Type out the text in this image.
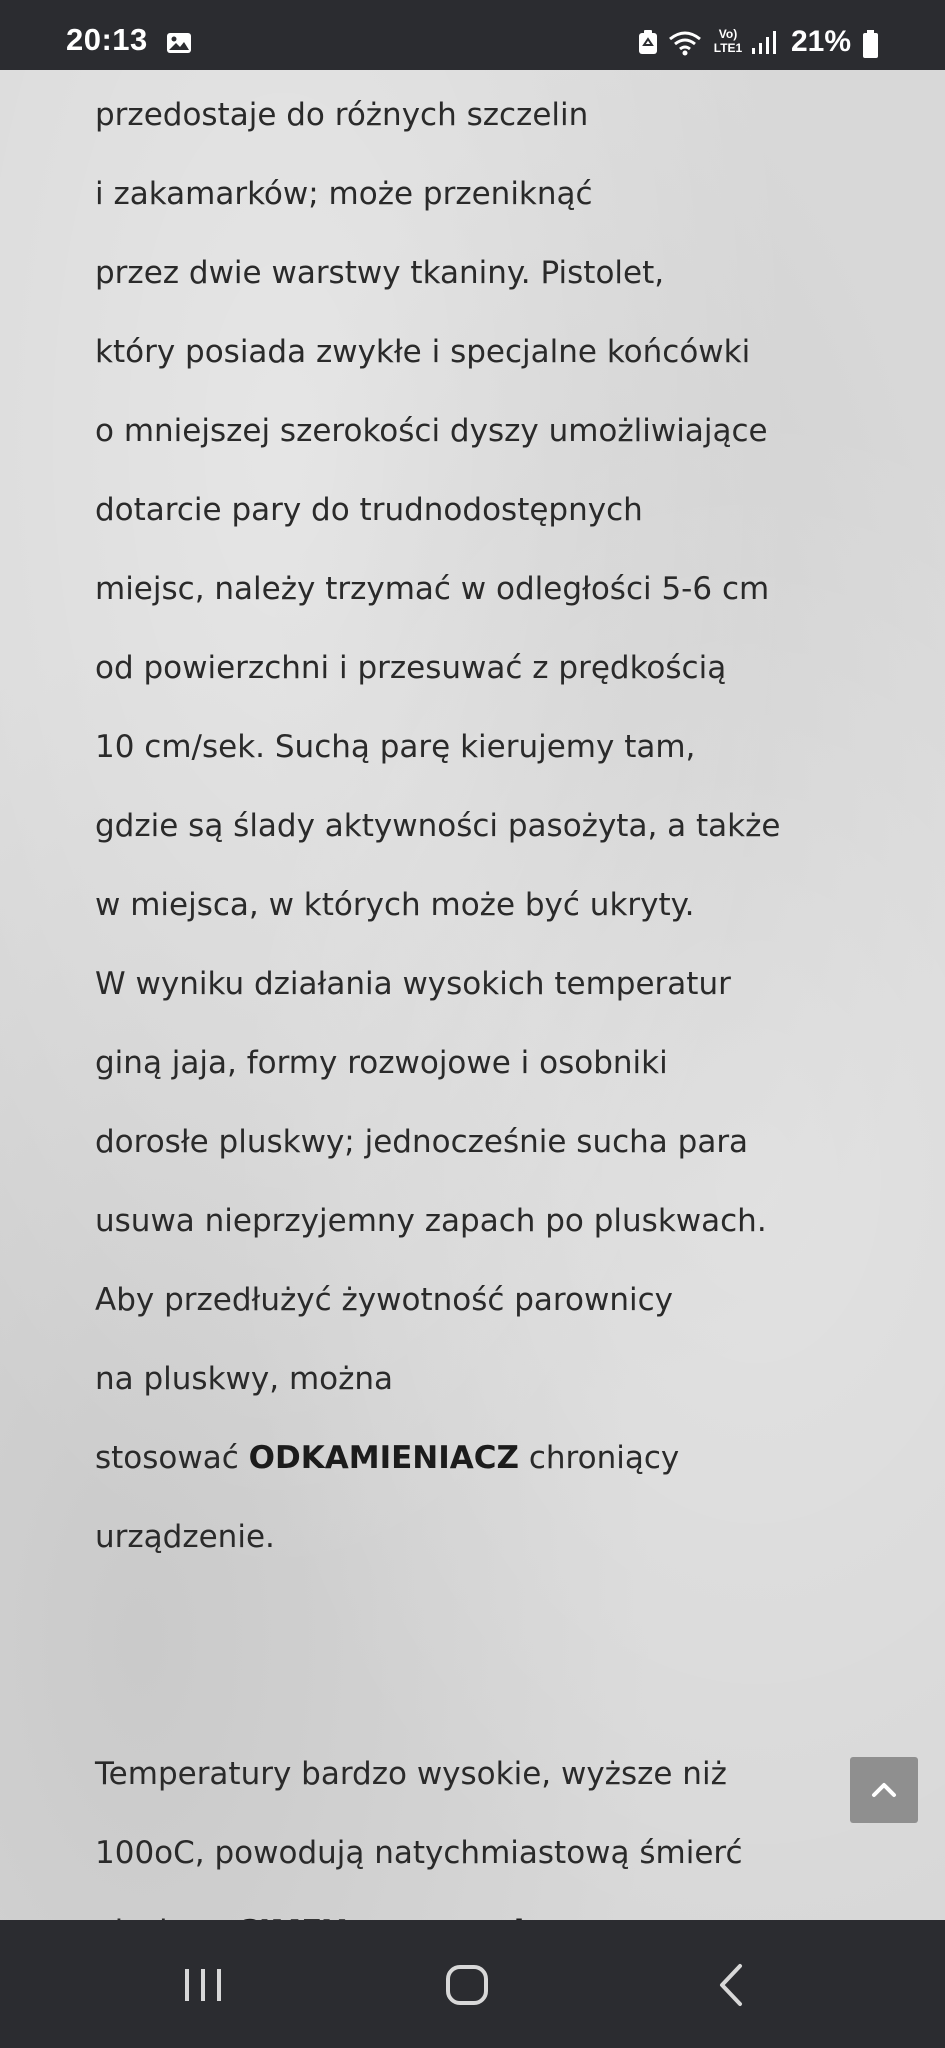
20:13	Vo)
LTE1 21%
przedostaje do różnych szczelin
i zakamarków; może przeniknąć
przez dwie warstwy tkaniny. Pistolet,
który posiada zwykłe i specjalne końcówki
o mniejszej szerokości dyszy umożliwiające
dotarcie pary do trudnodostępnych
miejsc, należy trzymać w odległości 5-6 cm
od powierzchni i przesuwać z prędkością
10 cm/sek. Suchą parę kierujemy tam,
gdzie są ślady aktywności pasożyta, a także
w miejsca, w których może być ukryty.
W wyniku działania wysokich temperatur
giną jaja, formy rozwojowe i osobniki
dorosłe pluskwy; jednocześnie sucha para
usuwa nieprzyjemny zapach po pluskwach.
Aby przedłużyć żywotność parownicy
na pluskwy, można
stosować ODKAMIENIACZ chroniący
urządzenie.
Temperatury bardzo wysokie, wyższe niż
100oC, powodują natychmiastową śmierć
